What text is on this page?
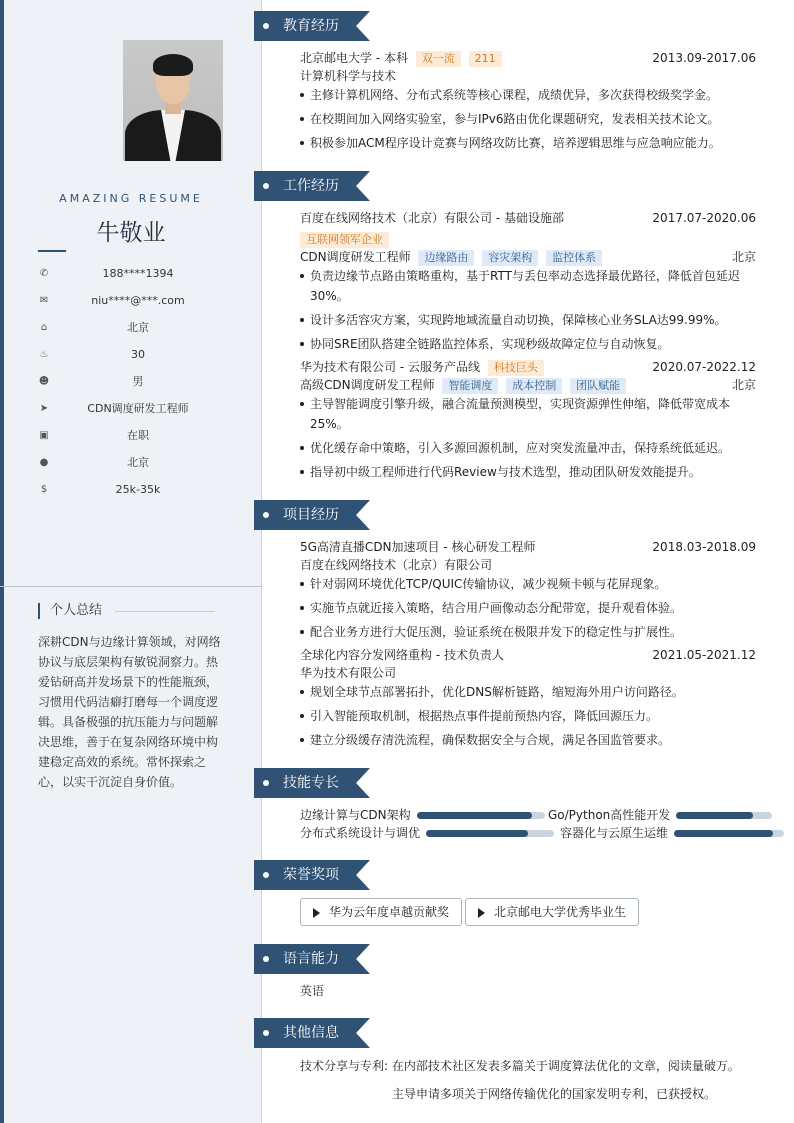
AMAZING RESUME
牛敬业
✆	188****1394
✉	niu****@***.com
⌂	北京
♨	30
☻	男
➤	CDN调度研发工程师
▣	在职
●	北京
$	25k-35k
个人总结
深耕CDN与边缘计算领域，对网络协议与底层架构有敏锐洞察力。热爱钻研高并发场景下的性能瓶颈，习惯用代码洁癖打磨每一个调度逻辑。具备极强的抗压能力与问题解决思维，善于在复杂网络环境中构建稳定高效的系统。常怀探索之心，以实干沉淀自身价值。
教育经历
北京邮电大学 - 本科 双一流 211	2013.09-2017.06
计算机科学与技术
主修计算机网络、分布式系统等核心课程，成绩优异，多次获得校级奖学金。
在校期间加入网络实验室，参与IPv6路由优化课题研究，发表相关技术论文。
积极参加ACM程序设计竞赛与网络攻防比赛，培养逻辑思维与应急响应能力。
工作经历
百度在线网络技术（北京）有限公司 - 基础设施部	2017.07-2020.06
互联网领军企业
CDN调度研发工程师 边缘路由 容灾架构 监控体系	北京
负责边缘节点路由策略重构，基于RTT与丢包率动态选择最优路径，降低首包延迟30%。
设计多活容灾方案，实现跨地域流量自动切换，保障核心业务SLA达99.99%。
协同SRE团队搭建全链路监控体系，实现秒级故障定位与自动恢复。
华为技术有限公司 - 云服务产品线 科技巨头	2020.07-2022.12
高级CDN调度研发工程师 智能调度 成本控制 团队赋能	北京
主导智能调度引擎升级，融合流量预测模型，实现资源弹性伸缩，降低带宽成本25%。
优化缓存命中策略，引入多源回源机制，应对突发流量冲击，保持系统低延迟。
指导初中级工程师进行代码Review与技术选型，推动团队研发效能提升。
项目经历
5G高清直播CDN加速项目 - 核心研发工程师	2018.03-2018.09
百度在线网络技术（北京）有限公司
针对弱网环境优化TCP/QUIC传输协议，减少视频卡顿与花屏现象。
实施节点就近接入策略，结合用户画像动态分配带宽，提升观看体验。
配合业务方进行大促压测，验证系统在极限并发下的稳定性与扩展性。
全球化内容分发网络重构 - 技术负责人	2021.05-2021.12
华为技术有限公司
规划全球节点部署拓扑，优化DNS解析链路，缩短海外用户访问路径。
引入智能预取机制，根据热点事件提前预热内容，降低回源压力。
建立分级缓存清洗流程，确保数据安全与合规，满足各国监管要求。
技能专长
边缘计算与CDN架构	Go/Python高性能开发
分布式系统设计与调优	容器化与云原生运维
荣誉奖项
华为云年度卓越贡献奖	北京邮电大学优秀毕业生
语言能力
英语
其他信息
技术分享与专利: 在内部技术社区发表多篇关于调度算法优化的文章，阅读量破万。
主导申请多项关于网络传输优化的国家发明专利，已获授权。
